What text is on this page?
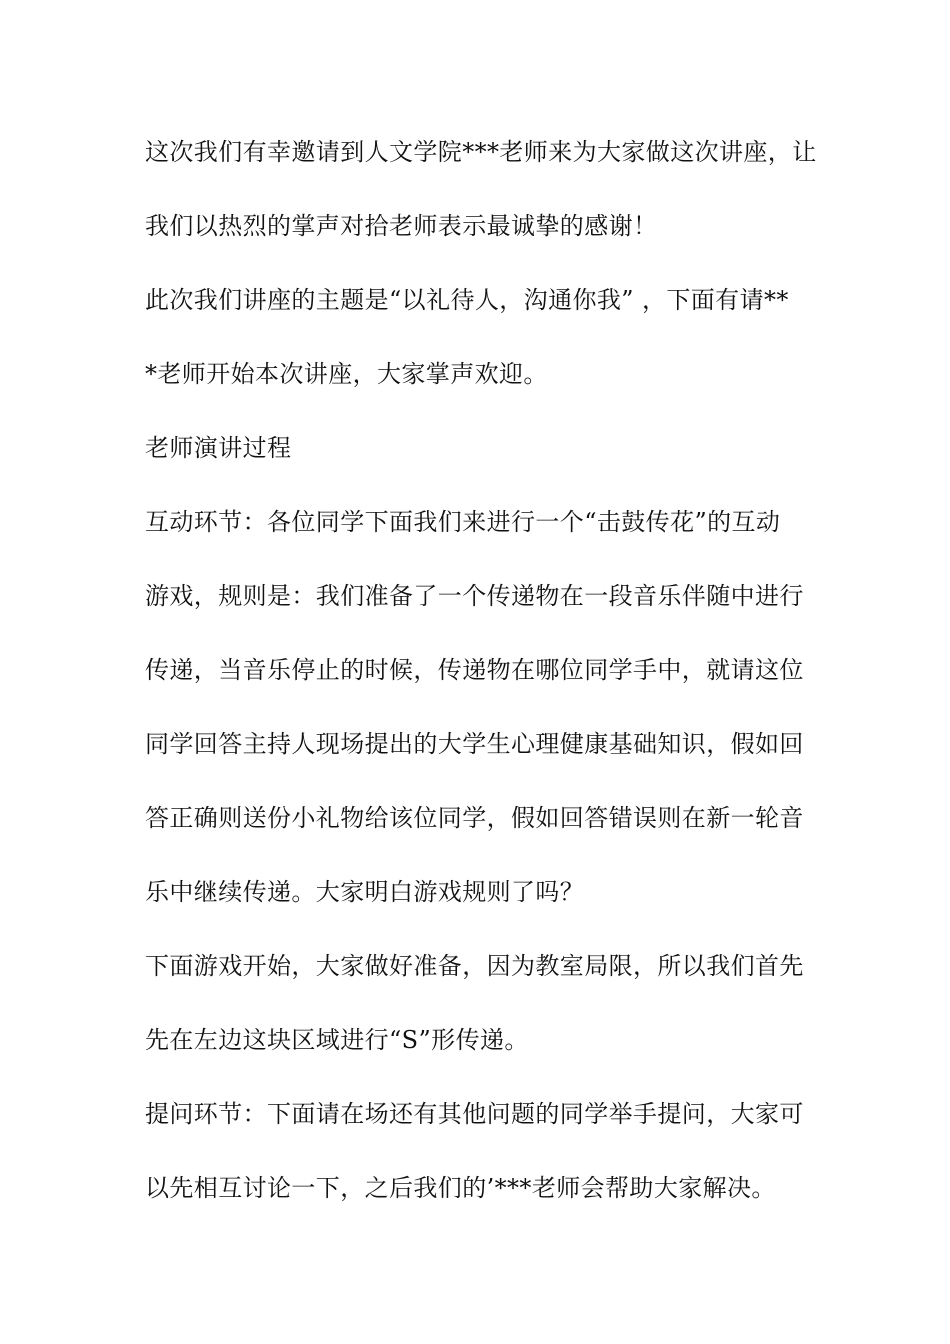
这次我们有幸邀请到人文学院***老师来为大家做这次讲座，让
我们以热烈的掌声对拾老师表示最诚挚的感谢！
此次我们讲座的主题是“以礼待人，沟通你我” ，下面有请**
*老师开始本次讲座，大家掌声欢迎。
老师演讲过程
互动环节：各位同学下面我们来进行一个“击鼓传花”的互动
游戏，规则是：我们准备了一个传递物在一段音乐伴随中进行
传递，当音乐停止的时候，传递物在哪位同学手中，就请这位
同学回答主持人现场提出的大学生心理健康基础知识，假如回
答正确则送份小礼物给该位同学，假如回答错误则在新一轮音
乐中继续传递。大家明白游戏规则了吗？
下面游戏开始，大家做好准备，因为教室局限，所以我们首先
先在左边这块区域进行“S”形传递。
提问环节：下面请在场还有其他问题的同学举手提问，大家可
以先相互讨论一下，之后我们的’***老师会帮助大家解决。
